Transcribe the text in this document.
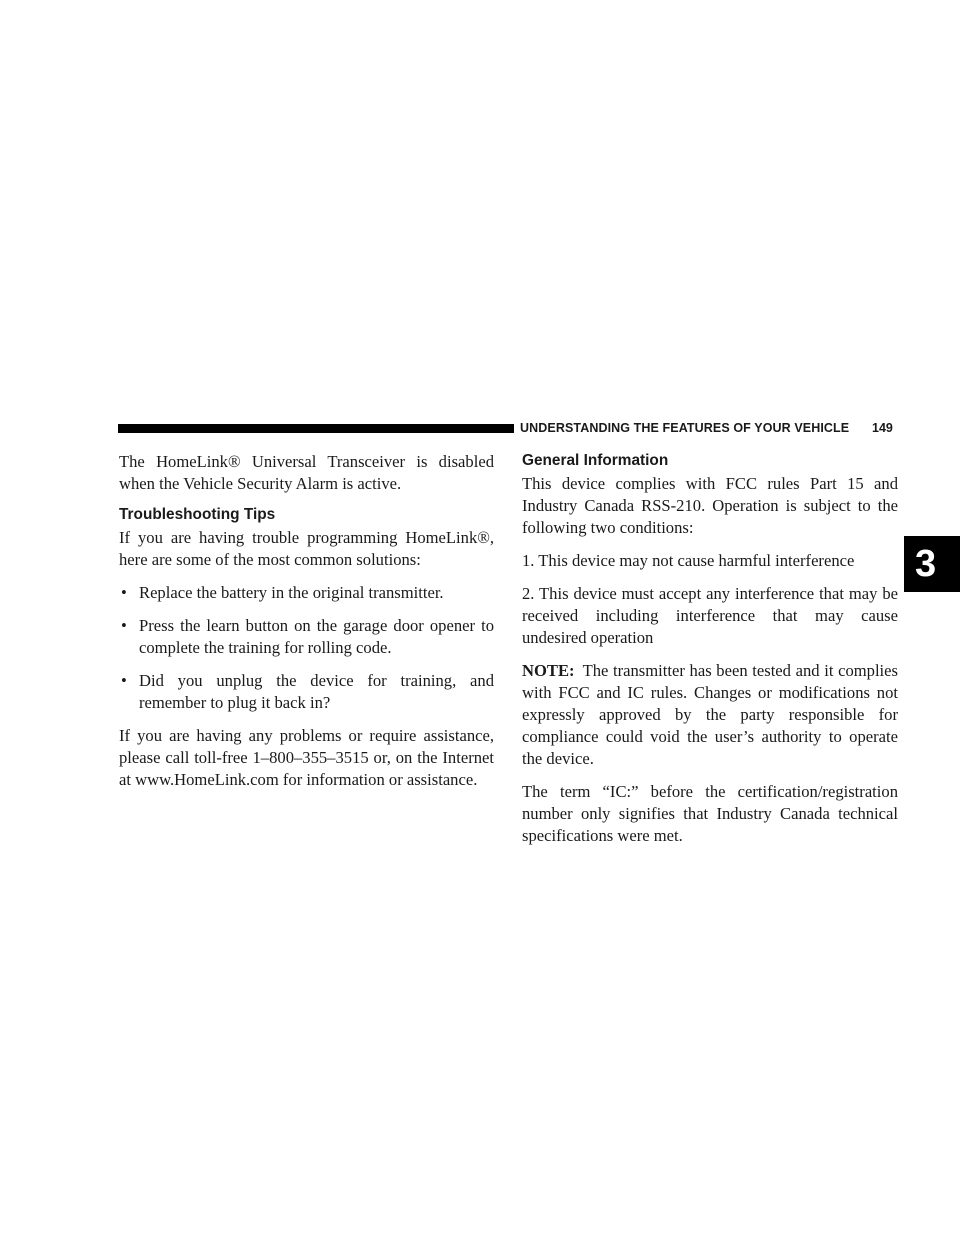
UNDERSTANDING THE FEATURES OF YOUR VEHICLE 149
3

The HomeLink® Universal Transceiver is disabled when the Vehicle Security Alarm is active.

Troubleshooting Tips

If you are having trouble programming HomeLink®, here are some of the most common solutions:

• Replace the battery in the original transmitter.
• Press the learn button on the garage door opener to complete the training for rolling code.
• Did you unplug the device for training, and remember to plug it back in?

If you are having any problems or require assistance, please call toll-free 1–800–355–3515 or, on the Internet at www.HomeLink.com for information or assistance.

General Information

This device complies with FCC rules Part 15 and Industry Canada RSS-210. Operation is subject to the following two conditions:

1. This device may not cause harmful interference

2. This device must accept any interference that may be received including interference that may cause undesired operation

NOTE: The transmitter has been tested and it complies with FCC and IC rules. Changes or modifications not expressly approved by the party responsible for compliance could void the user’s authority to operate the device.

The term “IC:” before the certification/registration number only signifies that Industry Canada technical specifications were met.
